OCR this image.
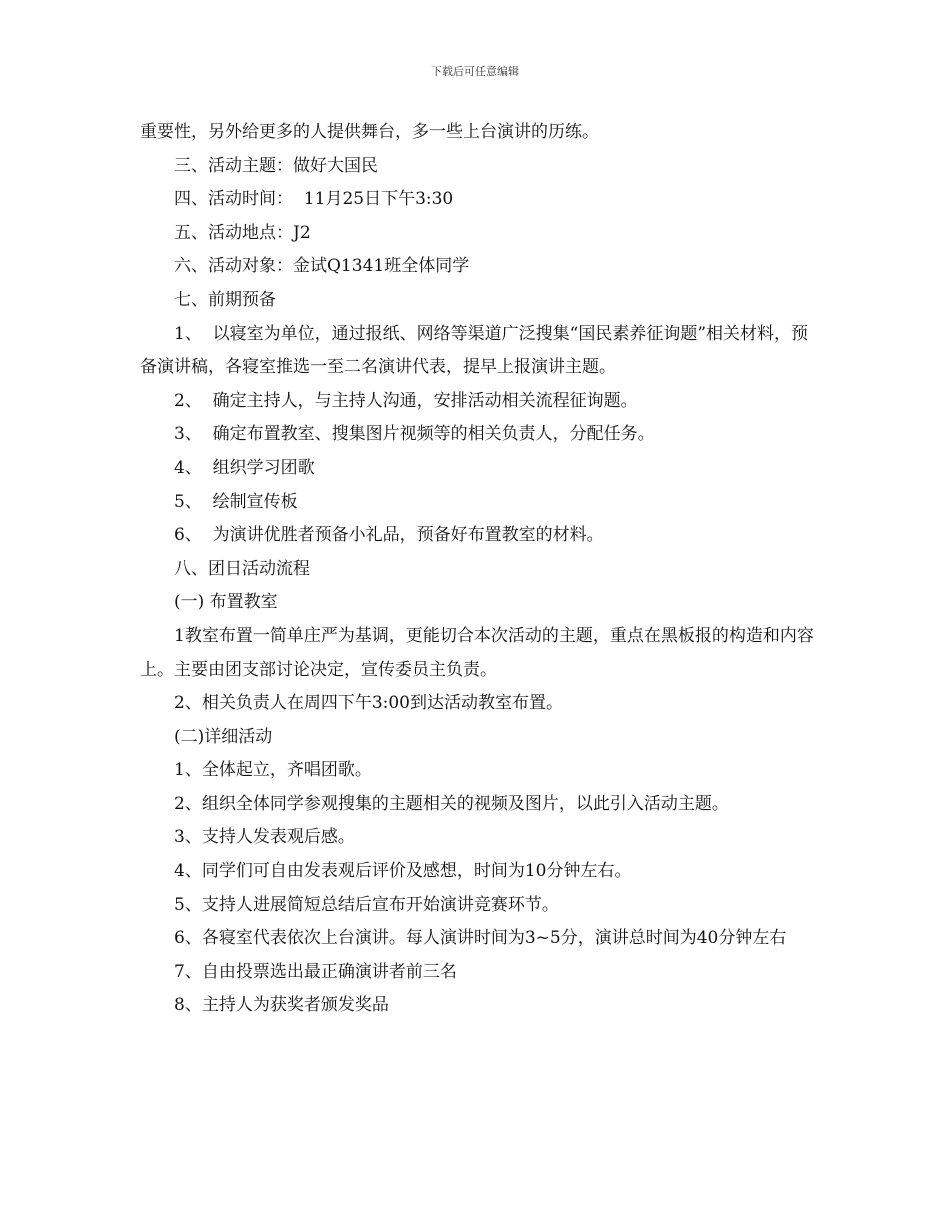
下载后可任意编辑

重要性，另外给更多的人提供舞台，多一些上台演讲的历练。

三、活动主题：做好大国民

四、活动时间：  11月25日下午3:30

五、活动地点：J2

六、活动对象：金试Q1341班全体同学

七、前期预备

1、  以寝室为单位，通过报纸、网络等渠道广泛搜集“国民素养征询题”相关材料，预备演讲稿，各寝室推选一至二名演讲代表，提早上报演讲主题。

2、  确定主持人，与主持人沟通，安排活动相关流程征询题。

3、  确定布置教室、搜集图片视频等的相关负责人，分配任务。

4、  组织学习团歌

5、  绘制宣传板

6、  为演讲优胜者预备小礼品，预备好布置教室的材料。

八、团日活动流程

(一) 布置教室

1教室布置一简单庄严为基调，更能切合本次活动的主题，重点在黑板报的构造和内容上。主要由团支部讨论决定，宣传委员主负责。

2、相关负责人在周四下午3:00到达活动教室布置。

(二)详细活动

1、全体起立，齐唱团歌。

2、组织全体同学参观搜集的主题相关的视频及图片，以此引入活动主题。

3、支持人发表观后感。

4、同学们可自由发表观后评价及感想，时间为10分钟左右。

5、支持人进展简短总结后宣布开始演讲竞赛环节。

6、各寝室代表依次上台演讲。每人演讲时间为3~5分，演讲总时间为40分钟左右

7、自由投票选出最正确演讲者前三名

8、主持人为获奖者颁发奖品
